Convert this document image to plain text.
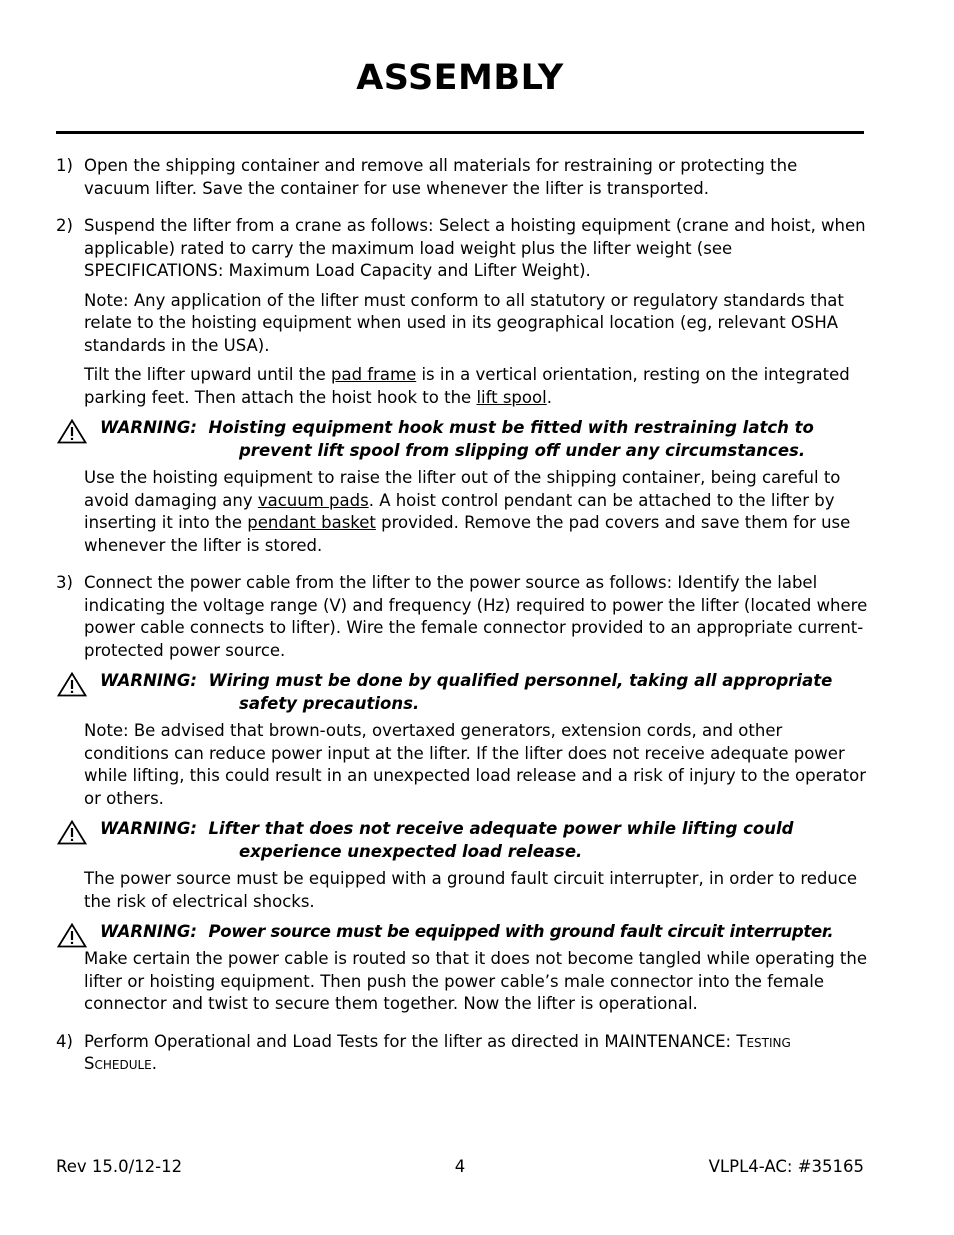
ASSEMBLY
1) Open the shipping container and remove all materials for restraining or protecting the vacuum lifter. Save the container for use whenever the lifter is transported.

2) Suspend the lifter from a crane as follows: Select a hoisting equipment (crane and hoist, when applicable) rated to carry the maximum load weight plus the lifter weight (see SPECIFICATIONS: Maximum Load Capacity and Lifter Weight).

Note: Any application of the lifter must conform to all statutory or regulatory standards that relate to the hoisting equipment when used in its geographical location (eg, relevant OSHA standards in the USA).

Tilt the lifter upward until the pad frame is in a vertical orientation, resting on the integrated parking feet. Then attach the hoist hook to the lift spool.

WARNING:
Hoisting equipment hook must be fitted with restraining latch to
prevent lift spool from slipping off under any circumstances.

Use the hoisting equipment to raise the lifter out of the shipping container, being careful to avoid damaging any vacuum pads. A hoist control pendant can be attached to the lifter by inserting it into the pendant basket provided. Remove the pad covers and save them for use whenever the lifter is stored.

3) Connect the power cable from the lifter to the power source as follows: Identify the label indicating the voltage range (V) and frequency (Hz) required to power the lifter (located where power cable connects to lifter). Wire the female connector provided to an appropriate current-protected power source.

WARNING:
Wiring must be done by qualified personnel, taking all appropriate
safety precautions.

Note: Be advised that brown-outs, overtaxed generators, extension cords, and other conditions can reduce power input at the lifter. If the lifter does not receive adequate power while lifting, this could result in an unexpected load release and a risk of injury to the operator or others.

WARNING:
Lifter that does not receive adequate power while lifting could
experience unexpected load release.

The power source must be equipped with a ground fault circuit interrupter, in order to reduce the risk of electrical shocks.

WARNING:
Power source must be equipped with ground fault circuit interrupter.

Make certain the power cable is routed so that it does not become tangled while operating the lifter or hoisting equipment. Then push the power cable’s male connector into the female connector and twist to secure them together. Now the lifter is operational.

4) Perform Operational and Load Tests for the lifter as directed in MAINTENANCE: Testing Schedule.

Rev 15.0/12-12	4	VLPL4-AC: #35165
